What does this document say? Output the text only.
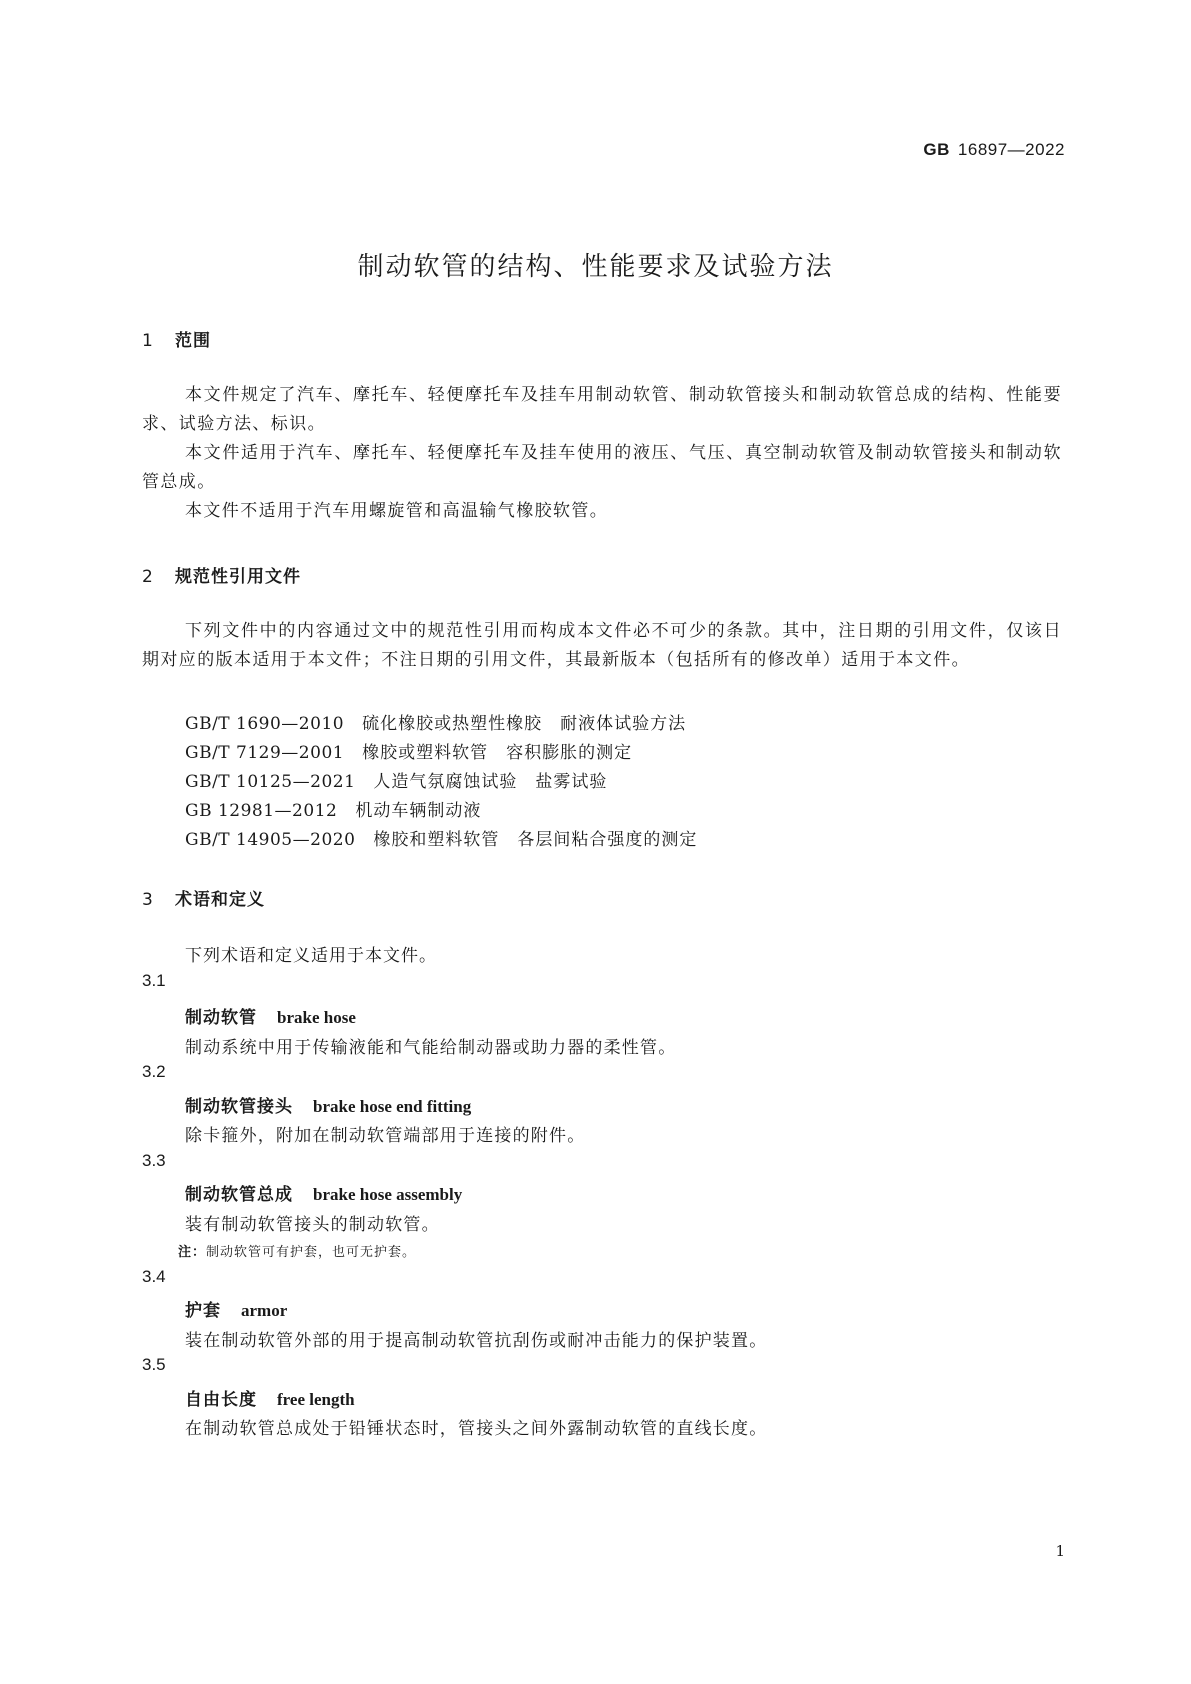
GB 16897—2022
制动软管的结构、性能要求及试验方法
1 范围
本文件规定了汽车、摩托车、轻便摩托车及挂车用制动软管、制动软管接头和制动软管总成的结构、性能要求、试验方法、标识。
本文件适用于汽车、摩托车、轻便摩托车及挂车使用的液压、气压、真空制动软管及制动软管接头和制动软管总成。
本文件不适用于汽车用螺旋管和高温输气橡胶软管。
2 规范性引用文件
下列文件中的内容通过文中的规范性引用而构成本文件必不可少的条款。其中，注日期的引用文件，仅该日期对应的版本适用于本文件；不注日期的引用文件，其最新版本（包括所有的修改单）适用于本文件。
GB/T 1690—2010 硫化橡胶或热塑性橡胶　耐液体试验方法
GB/T 7129—2001 橡胶或塑料软管　容积膨胀的测定
GB/T 10125—2021 人造气氛腐蚀试验　盐雾试验
GB 12981—2012 机动车辆制动液
GB/T 14905—2020 橡胶和塑料软管　各层间粘合强度的测定
3 术语和定义
下列术语和定义适用于本文件。
3.1
制动软管 brake hose
制动系统中用于传输液能和气能给制动器或助力器的柔性管。
3.2
制动软管接头 brake hose end fitting
除卡箍外，附加在制动软管端部用于连接的附件。
3.3
制动软管总成 brake hose assembly
装有制动软管接头的制动软管。
注：制动软管可有护套，也可无护套。
3.4
护套 armor
装在制动软管外部的用于提高制动软管抗刮伤或耐冲击能力的保护装置。
3.5
自由长度 free length
在制动软管总成处于铅锤状态时，管接头之间外露制动软管的直线长度。
1
